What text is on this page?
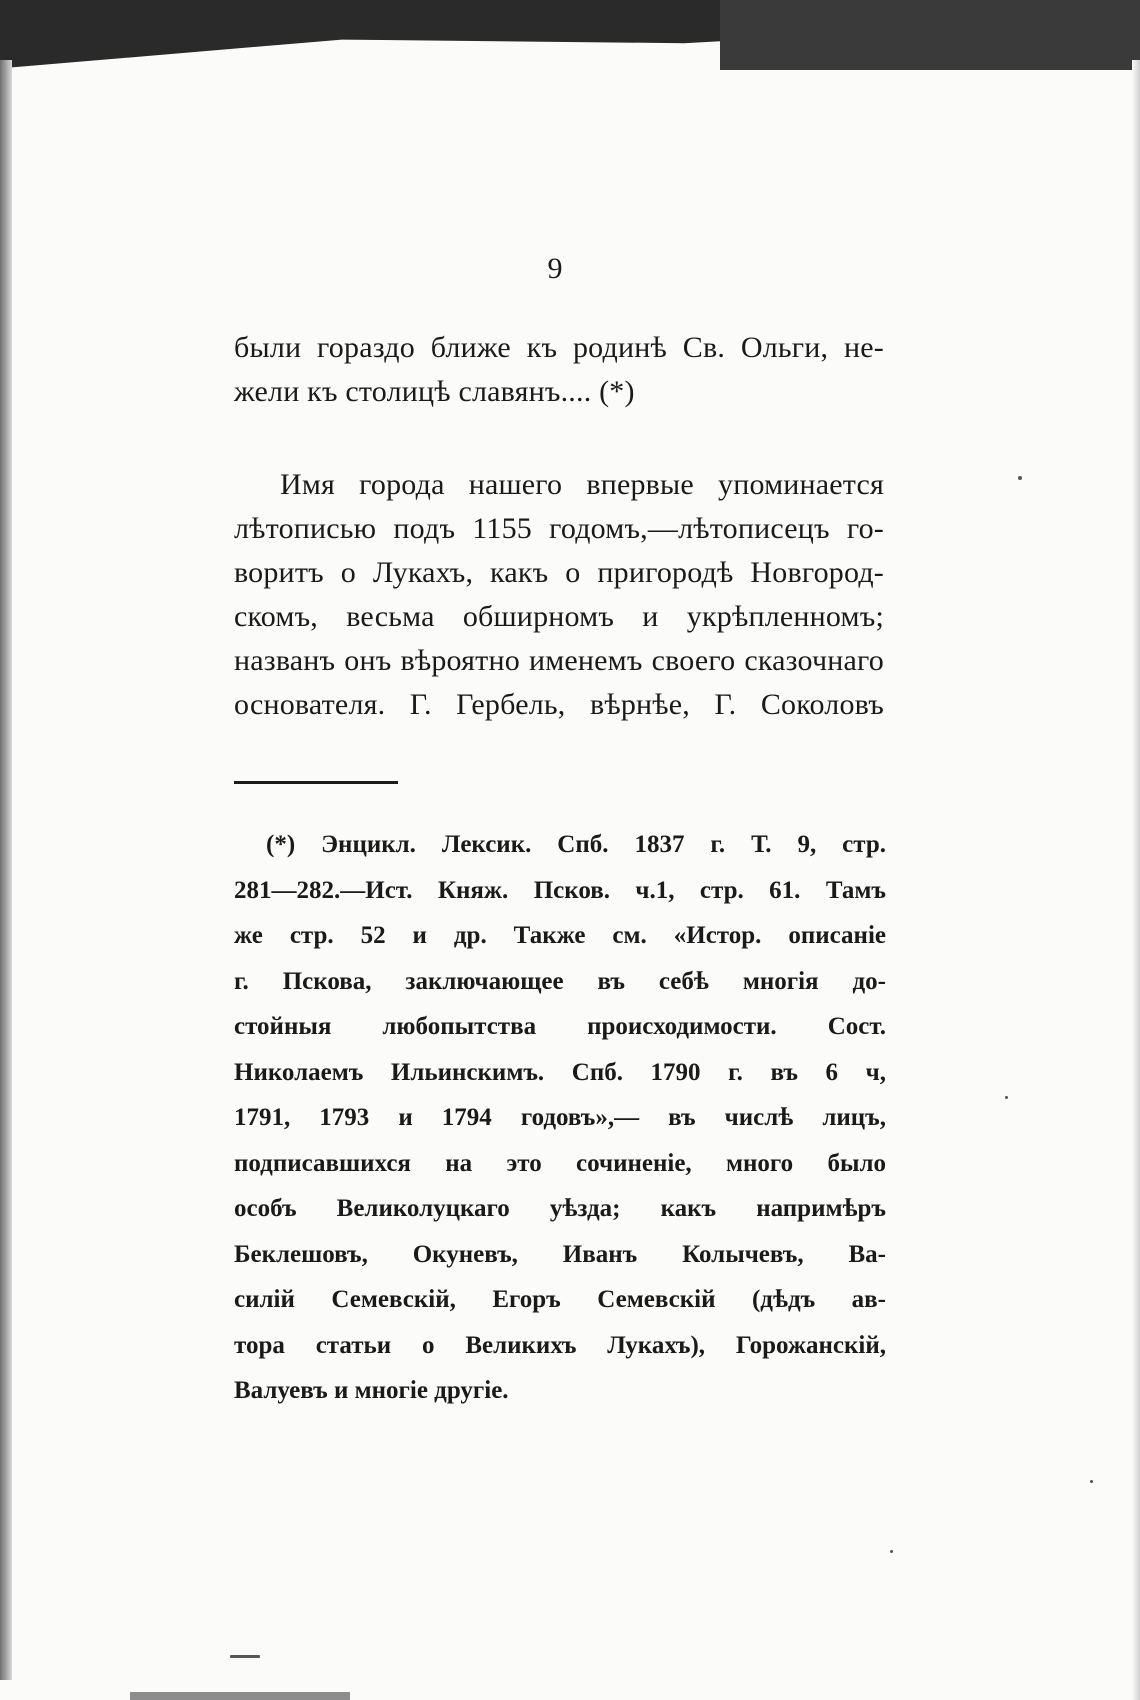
9
были гораздо ближе къ родинѣ Св. Ольги, не-
жели къ столицѣ славянъ.... (*)
Имя города нашего впервые упоминается
лѣтописью подъ 1155 годомъ,—лѣтописецъ го-
воритъ о Лукахъ, какъ о пригородѣ Новгород-
скомъ, весьма обширномъ и укрѣпленномъ;
названъ онъ вѣроятно именемъ своего сказочнаго
основателя. Г. Гербель, вѣрнѣе, Г. Соколовъ
(*) Энцикл. Лексик. Спб. 1837 г. Т. 9, стр.
281—282.—Ист. Княж. Псков. ч.1, стр. 61. Тамъ
же стр. 52 и др. Также см. «Истор. описаніе
г. Пскова, заключающее въ себѣ многія до-
стойныя любопытства происходимости. Сост.
Николаемъ Ильинскимъ. Спб. 1790 г. въ 6 ч,
1791, 1793 и 1794 годовъ»,— въ числѣ лицъ,
подписавшихся на это сочиненіе, много было
особъ Великолуцкаго уѣзда; какъ напримѣръ
Беклешовъ, Окуневъ, Иванъ Колычевъ, Ва-
силій Семевскій, Егоръ Семевскій (дѣдъ ав-
тора статьи о Великихъ Лукахъ), Горожанскій,
Валуевъ и многіе другіе.
